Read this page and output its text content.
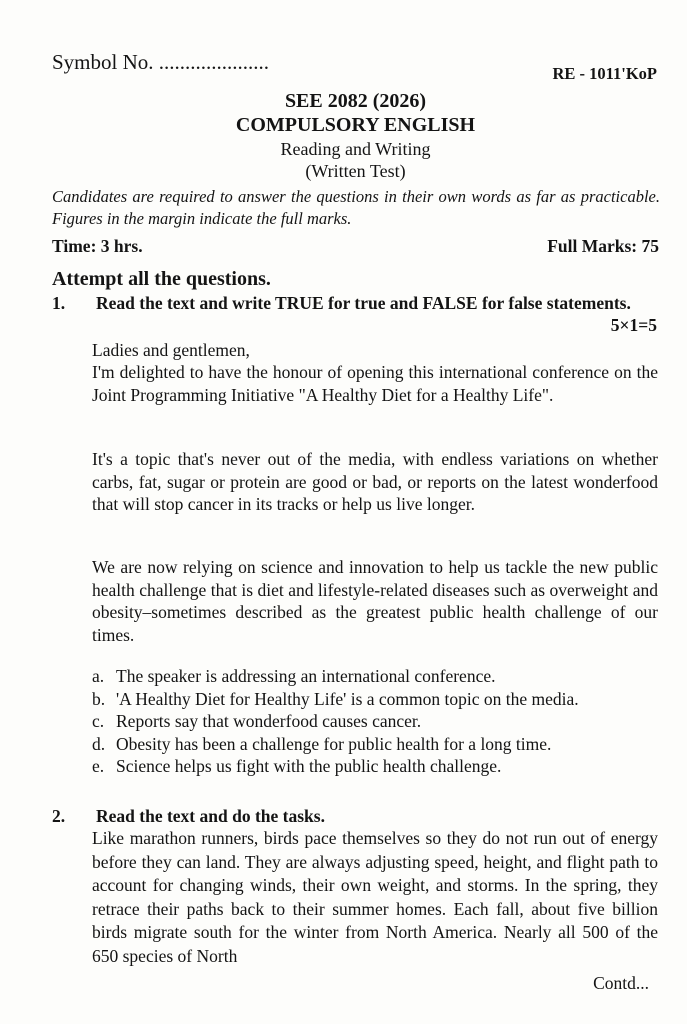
Symbol No. .....................	RE - 1011'KoP
SEE 2082 (2026)
COMPULSORY ENGLISH
Reading and Writing
(Written Test)
Candidates are required to answer the questions in their own words as far as practicable. Figures in the margin indicate the full marks.
Time: 3 hrs.	Full Marks: 75
Attempt all the questions.
1. Read the text and write TRUE for true and FALSE for false statements.
5×1=5
Ladies and gentlemen,
I'm delighted to have the honour of opening this international conference on the Joint Programming Initiative "A Healthy Diet for a Healthy Life".
It's a topic that's never out of the media, with endless variations on whether carbs, fat, sugar or protein are good or bad, or reports on the latest wonderfood that will stop cancer in its tracks or help us live longer.
We are now relying on science and innovation to help us tackle the new public health challenge that is diet and lifestyle-related diseases such as overweight and obesity–sometimes described as the greatest public health challenge of our times.
a. The speaker is addressing an international conference.
b. 'A Healthy Diet for Healthy Life' is a common topic on the media.
c. Reports say that wonderfood causes cancer.
d. Obesity has been a challenge for public health for a long time.
e. Science helps us fight with the public health challenge.
2. Read the text and do the tasks.
Like marathon runners, birds pace themselves so they do not run out of energy before they can land. They are always adjusting speed, height, and flight path to account for changing winds, their own weight, and storms. In the spring, they retrace their paths back to their summer homes. Each fall, about five billion birds migrate south for the winter from North America. Nearly all 500 of the 650 species of North
Contd...
